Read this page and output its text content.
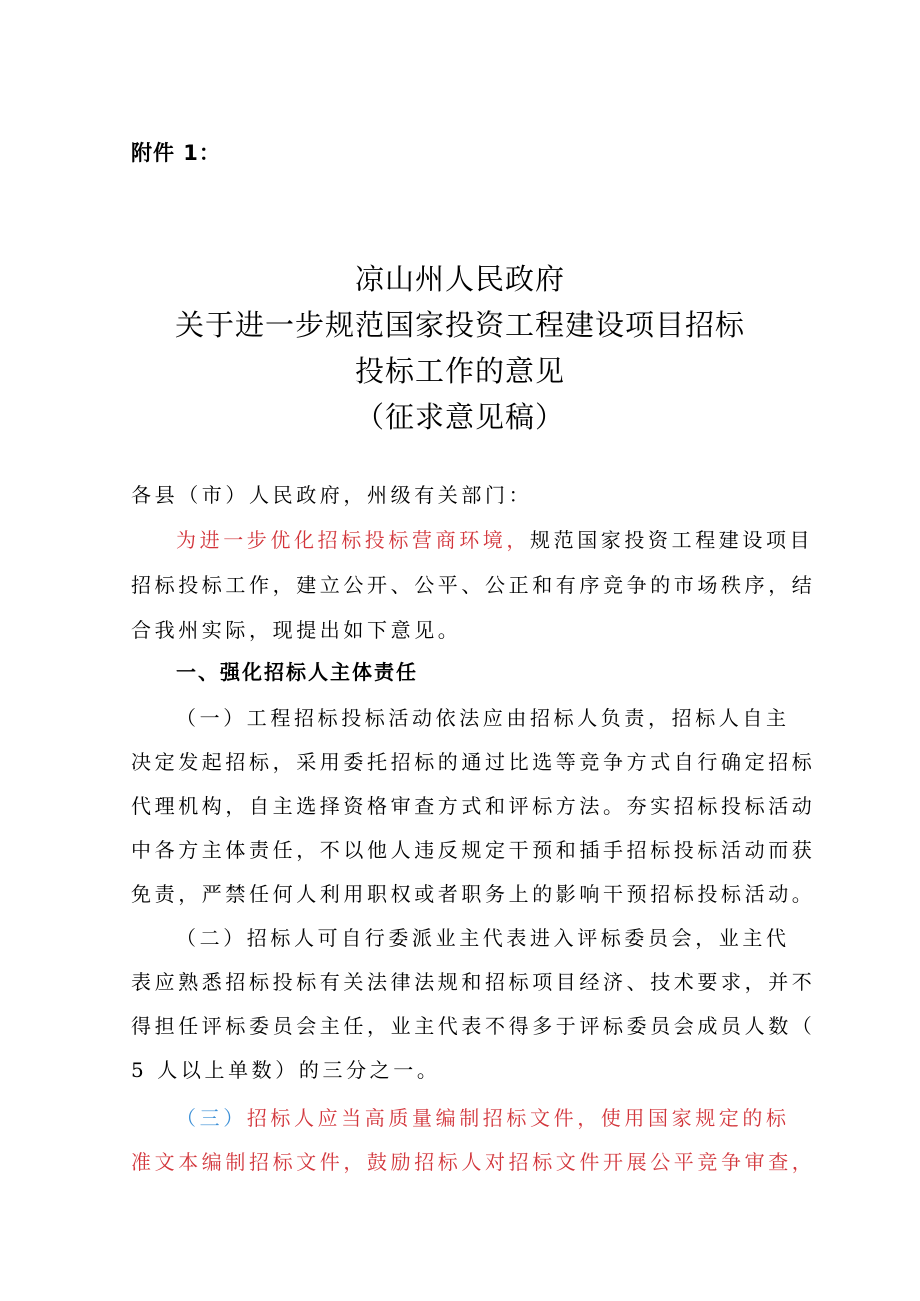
附件 1：

凉山州人民政府
关于进一步规范国家投资工程建设项目招标
投标工作的意见
（征求意见稿）

各县（市）人民政府，州级有关部门：

为进一步优化招标投标营商环境，规范国家投资工程建设项目

招标投标工作，建立公开、公平、公正和有序竞争的市场秩序，结

合我州实际，现提出如下意见。

一、强化招标人主体责任

（一）工程招标投标活动依法应由招标人负责，招标人自主

决定发起招标，采用委托招标的通过比选等竞争方式自行确定招标

代理机构，自主选择资格审查方式和评标方法。夯实招标投标活动

中各方主体责任，不以他人违反规定干预和插手招标投标活动而获

免责，严禁任何人利用职权或者职务上的影响干预招标投标活动。

（二）招标人可自行委派业主代表进入评标委员会，业主代

表应熟悉招标投标有关法律法规和招标项目经济、技术要求，并不

得担任评标委员会主任，业主代表不得多于评标委员会成员人数（

5 人以上单数）的三分之一。

（三）招标人应当高质量编制招标文件，使用国家规定的标

准文本编制招标文件，鼓励招标人对招标文件开展公平竞争审查，
